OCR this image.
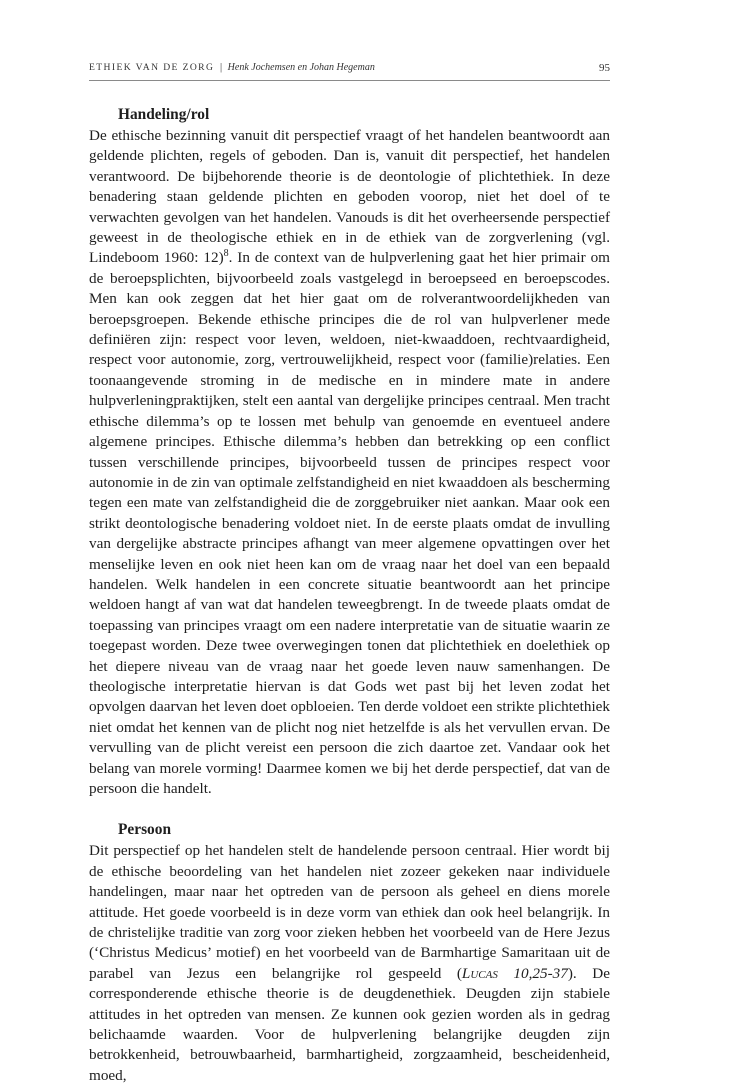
ETHIEK VAN DE ZORG | Henk Jochemsen en Johan Hegeman	95
Handeling/rol

De ethische bezinning vanuit dit perspectief vraagt of het handelen beantwoordt aan geldende plichten, regels of geboden. Dan is, vanuit dit perspectief, het handelen verantwoord. De bijbehorende theorie is de deontologie of plichtethiek. In deze benadering staan geldende plichten en geboden voorop, niet het doel of te verwachten gevolgen van het handelen. Vanouds is dit het overheersende perspectief geweest in de theologische ethiek en in de ethiek van de zorgverlening (vgl. Lindeboom 1960: 12)$^8$. In de context van de hulpverlening gaat het hier primair om de beroepsplichten, bijvoorbeeld zoals vastgelegd in beroepseed en beroepscodes. Men kan ook zeggen dat het hier gaat om de rolverantwoordelijkheden van beroepsgroepen. Bekende ethische principes die de rol van hulpverlener mede definiëren zijn: respect voor leven, weldoen, niet-kwaaddoen, rechtvaardigheid, respect voor autonomie, zorg, vertrouwelijkheid, respect voor (familie)relaties. Een toonaangevende stroming in de medische en in mindere mate in andere hulpverleningpraktijken, stelt een aantal van dergelijke principes centraal. Men tracht ethische dilemma’s op te lossen met behulp van genoemde en eventueel andere algemene principes. Ethische dilemma’s hebben dan betrekking op een conflict tussen verschillende principes, bijvoorbeeld tussen de principes respect voor autonomie in de zin van optimale zelfstandigheid en niet kwaaddoen als bescherming tegen een mate van zelfstandigheid die de zorggebruiker niet aankan. Maar ook een strikt deontologische benadering voldoet niet. In de eerste plaats omdat de invulling van dergelijke abstracte principes afhangt van meer algemene opvattingen over het menselijke leven en ook niet heen kan om de vraag naar het doel van een bepaald handelen. Welk handelen in een concrete situatie beantwoordt aan het principe weldoen hangt af van wat dat handelen teweegbrengt. In de tweede plaats omdat de toepassing van principes vraagt om een nadere interpretatie van de situatie waarin ze toegepast worden. Deze twee overwegingen tonen dat plichtethiek en doelethiek op het diepere niveau van de vraag naar het goede leven nauw samenhangen. De theologische interpretatie hiervan is dat Gods wet past bij het leven zodat het opvolgen daarvan het leven doet opbloeien. Ten derde voldoet een strikte plichtethiek niet omdat het kennen van de plicht nog niet hetzelfde is als het vervullen ervan. De vervulling van de plicht vereist een persoon die zich daartoe zet. Vandaar ook het belang van morele vorming! Daarmee komen we bij het derde perspectief, dat van de persoon die handelt.

Persoon

Dit perspectief op het handelen stelt de handelende persoon centraal. Hier wordt bij de ethische beoordeling van het handelen niet zozeer gekeken naar individuele handelingen, maar naar het optreden van de persoon als geheel en diens morele attitude. Het goede voorbeeld is in deze vorm van ethiek dan ook heel belangrijk. In de christelijke traditie van zorg voor zieken hebben het voorbeeld van de Here Jezus (‘Christus Medicus’ motief) en het voorbeeld van de Barmhartige Samaritaan uit de parabel van Jezus een belangrijke rol gespeeld (Lucas 10,25-37). De corresponderende ethische theorie is de deugdenethiek. Deugden zijn stabiele attitudes in het optreden van mensen. Ze kunnen ook gezien worden als in gedrag belichaamde waarden. Voor de hulpverlening belangrijke deugden zijn betrokkenheid, betrouwbaarheid, barmhartigheid, zorgzaamheid, bescheidenheid, moed,
